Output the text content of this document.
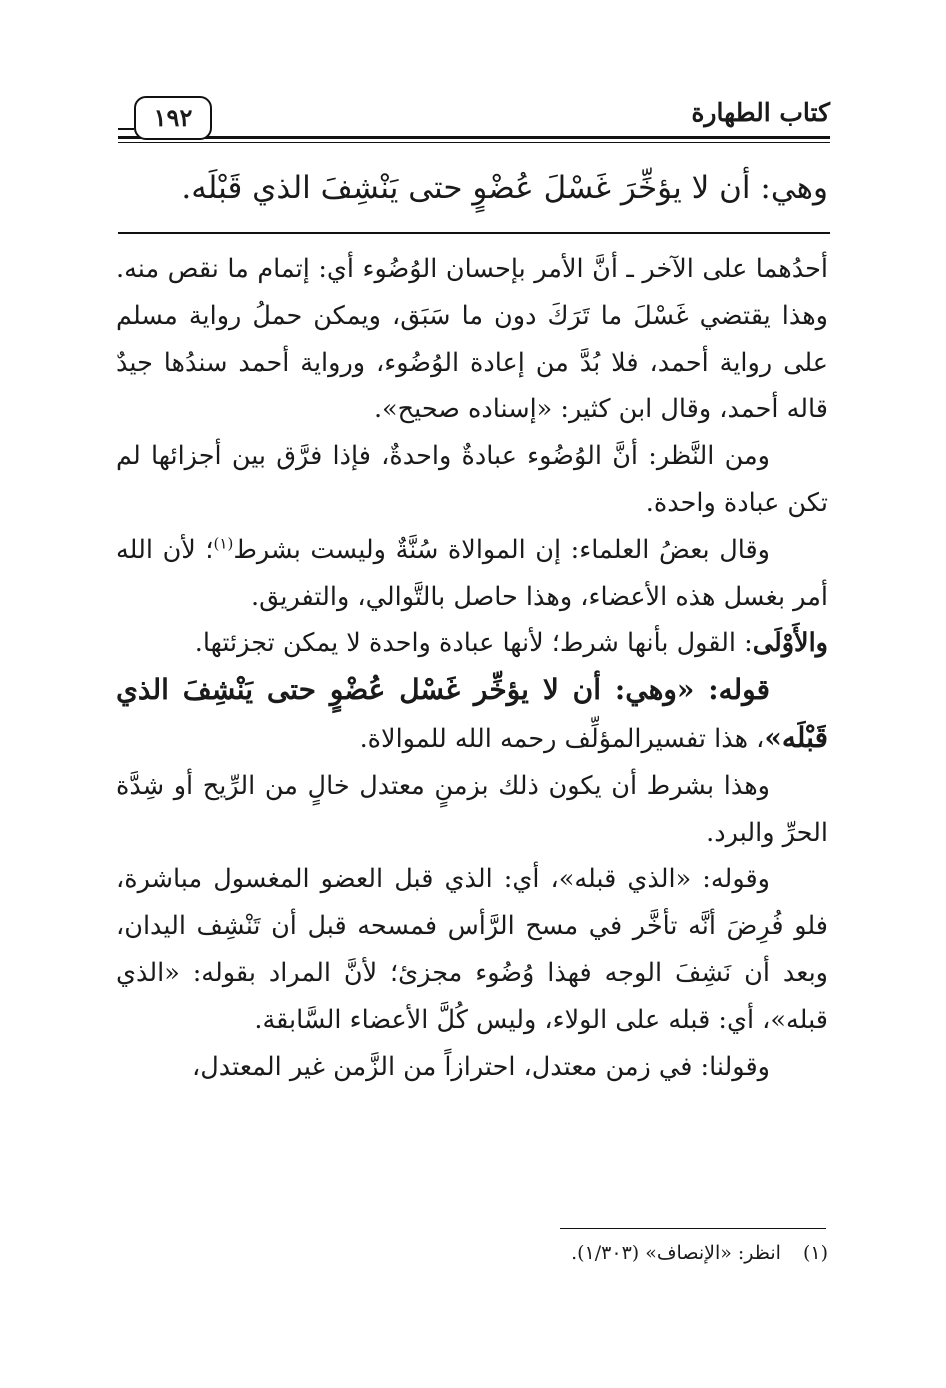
كتاب الطهارة
١٩٢
وهي: أن لا يؤخِّرَ غَسْلَ عُضْوٍ حتى يَنْشِفَ الذي قَبْلَه.

أحدُهما على الآخر ـ أنَّ الأمر بإحسان الوُضُوء أي: إتمام ما نقص منه. وهذا يقتضي غَسْلَ ما تَرَكَ دون ما سَبَق، ويمكن حملُ رواية مسلم على رواية أحمد، فلا بُدَّ من إعادة الوُضُوء، ورواية أحمد سندُها جيدٌ قاله أحمد، وقال ابن كثير: «إسناده صحيح».

ومن النَّظر: أنَّ الوُضُوء عبادةٌ واحدةٌ، فإذا فرَّق بين أجزائها لم تكن عبادة واحدة.

وقال بعضُ العلماء: إن الموالاة سُنَّةٌ وليست بشرط$^{(١)}$؛ لأن الله أمر بغسل هذه الأعضاء، وهذا حاصل بالتَّوالي، والتفريق.

والأَوْلَى: القول بأنها شرط؛ لأنها عبادة واحدة لا يمكن تجزئتها.

قوله: «وهي: أن لا يؤخِّر غَسْل عُضْوٍ حتى يَنْشِفَ الذي قَبْلَه»، هذا تفسيرالمؤلِّف رحمه الله للموالاة.

وهذا بشرط أن يكون ذلك بزمنٍ معتدل خالٍ من الرِّيح أو شِدَّة الحرِّ والبرد.

وقوله: «الذي قبله»، أي: الذي قبل العضو المغسول مباشرة، فلو فُرِضَ أنَّه تأخَّر في مسح الرَّأس فمسحه قبل أن تَنْشِف اليدان، وبعد أن نَشِفَ الوجه فهذا وُضُوء مجزئ؛ لأنَّ المراد بقوله: «الذي قبله»، أي: قبله على الولاء، وليس كُلَّ الأعضاء السَّابقة.

وقولنا: في زمن معتدل، احترازاً من الزَّمن غير المعتدل،

(١)انظر: «الإنصاف» (١/٣٠٣).
